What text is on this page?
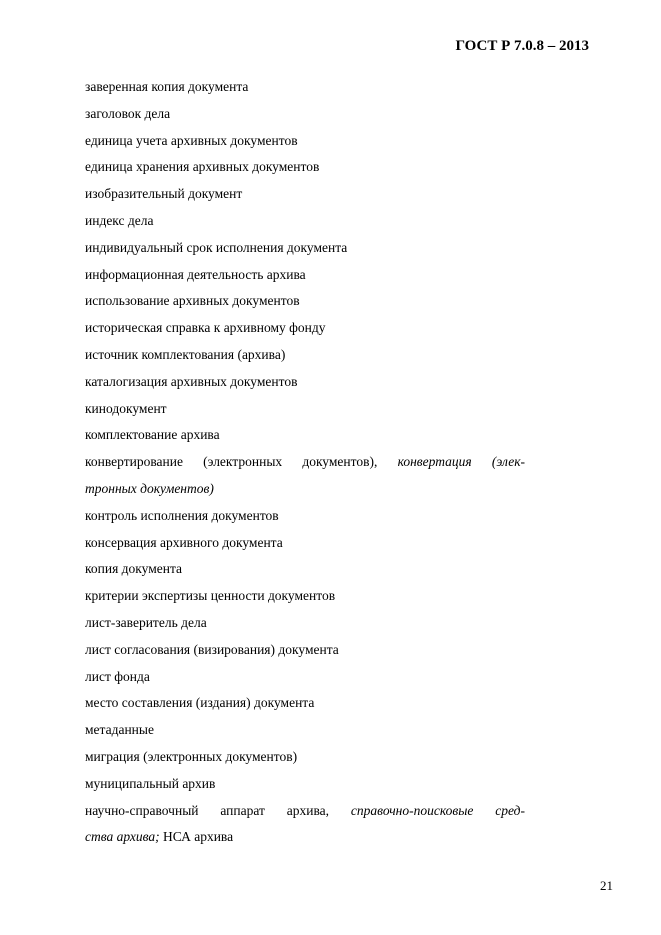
ГОСТ Р 7.0.8 – 2013
заверенная копия документа
заголовок дела
единица учета архивных документов
единица хранения архивных документов
изобразительный документ
индекс дела
индивидуальный срок исполнения документа
информационная деятельность архива
использование архивных документов
историческая справка к архивному фонду
источник комплектования (архива)
каталогизация архивных документов
кинодокумент
комплектование архива
конвертирование (электронных документов), конвертация (элек-
тронных документов)
контроль исполнения документов
консервация архивного документа
копия документа
критерии экспертизы ценности документов
лист-заверитель дела
лист согласования (визирования) документа
лист фонда
место составления (издания) документа
метаданные
миграция (электронных документов)
муниципальный архив
научно-справочный аппарат архива, справочно-поисковые сред-
ства архива; НСА архива
21
